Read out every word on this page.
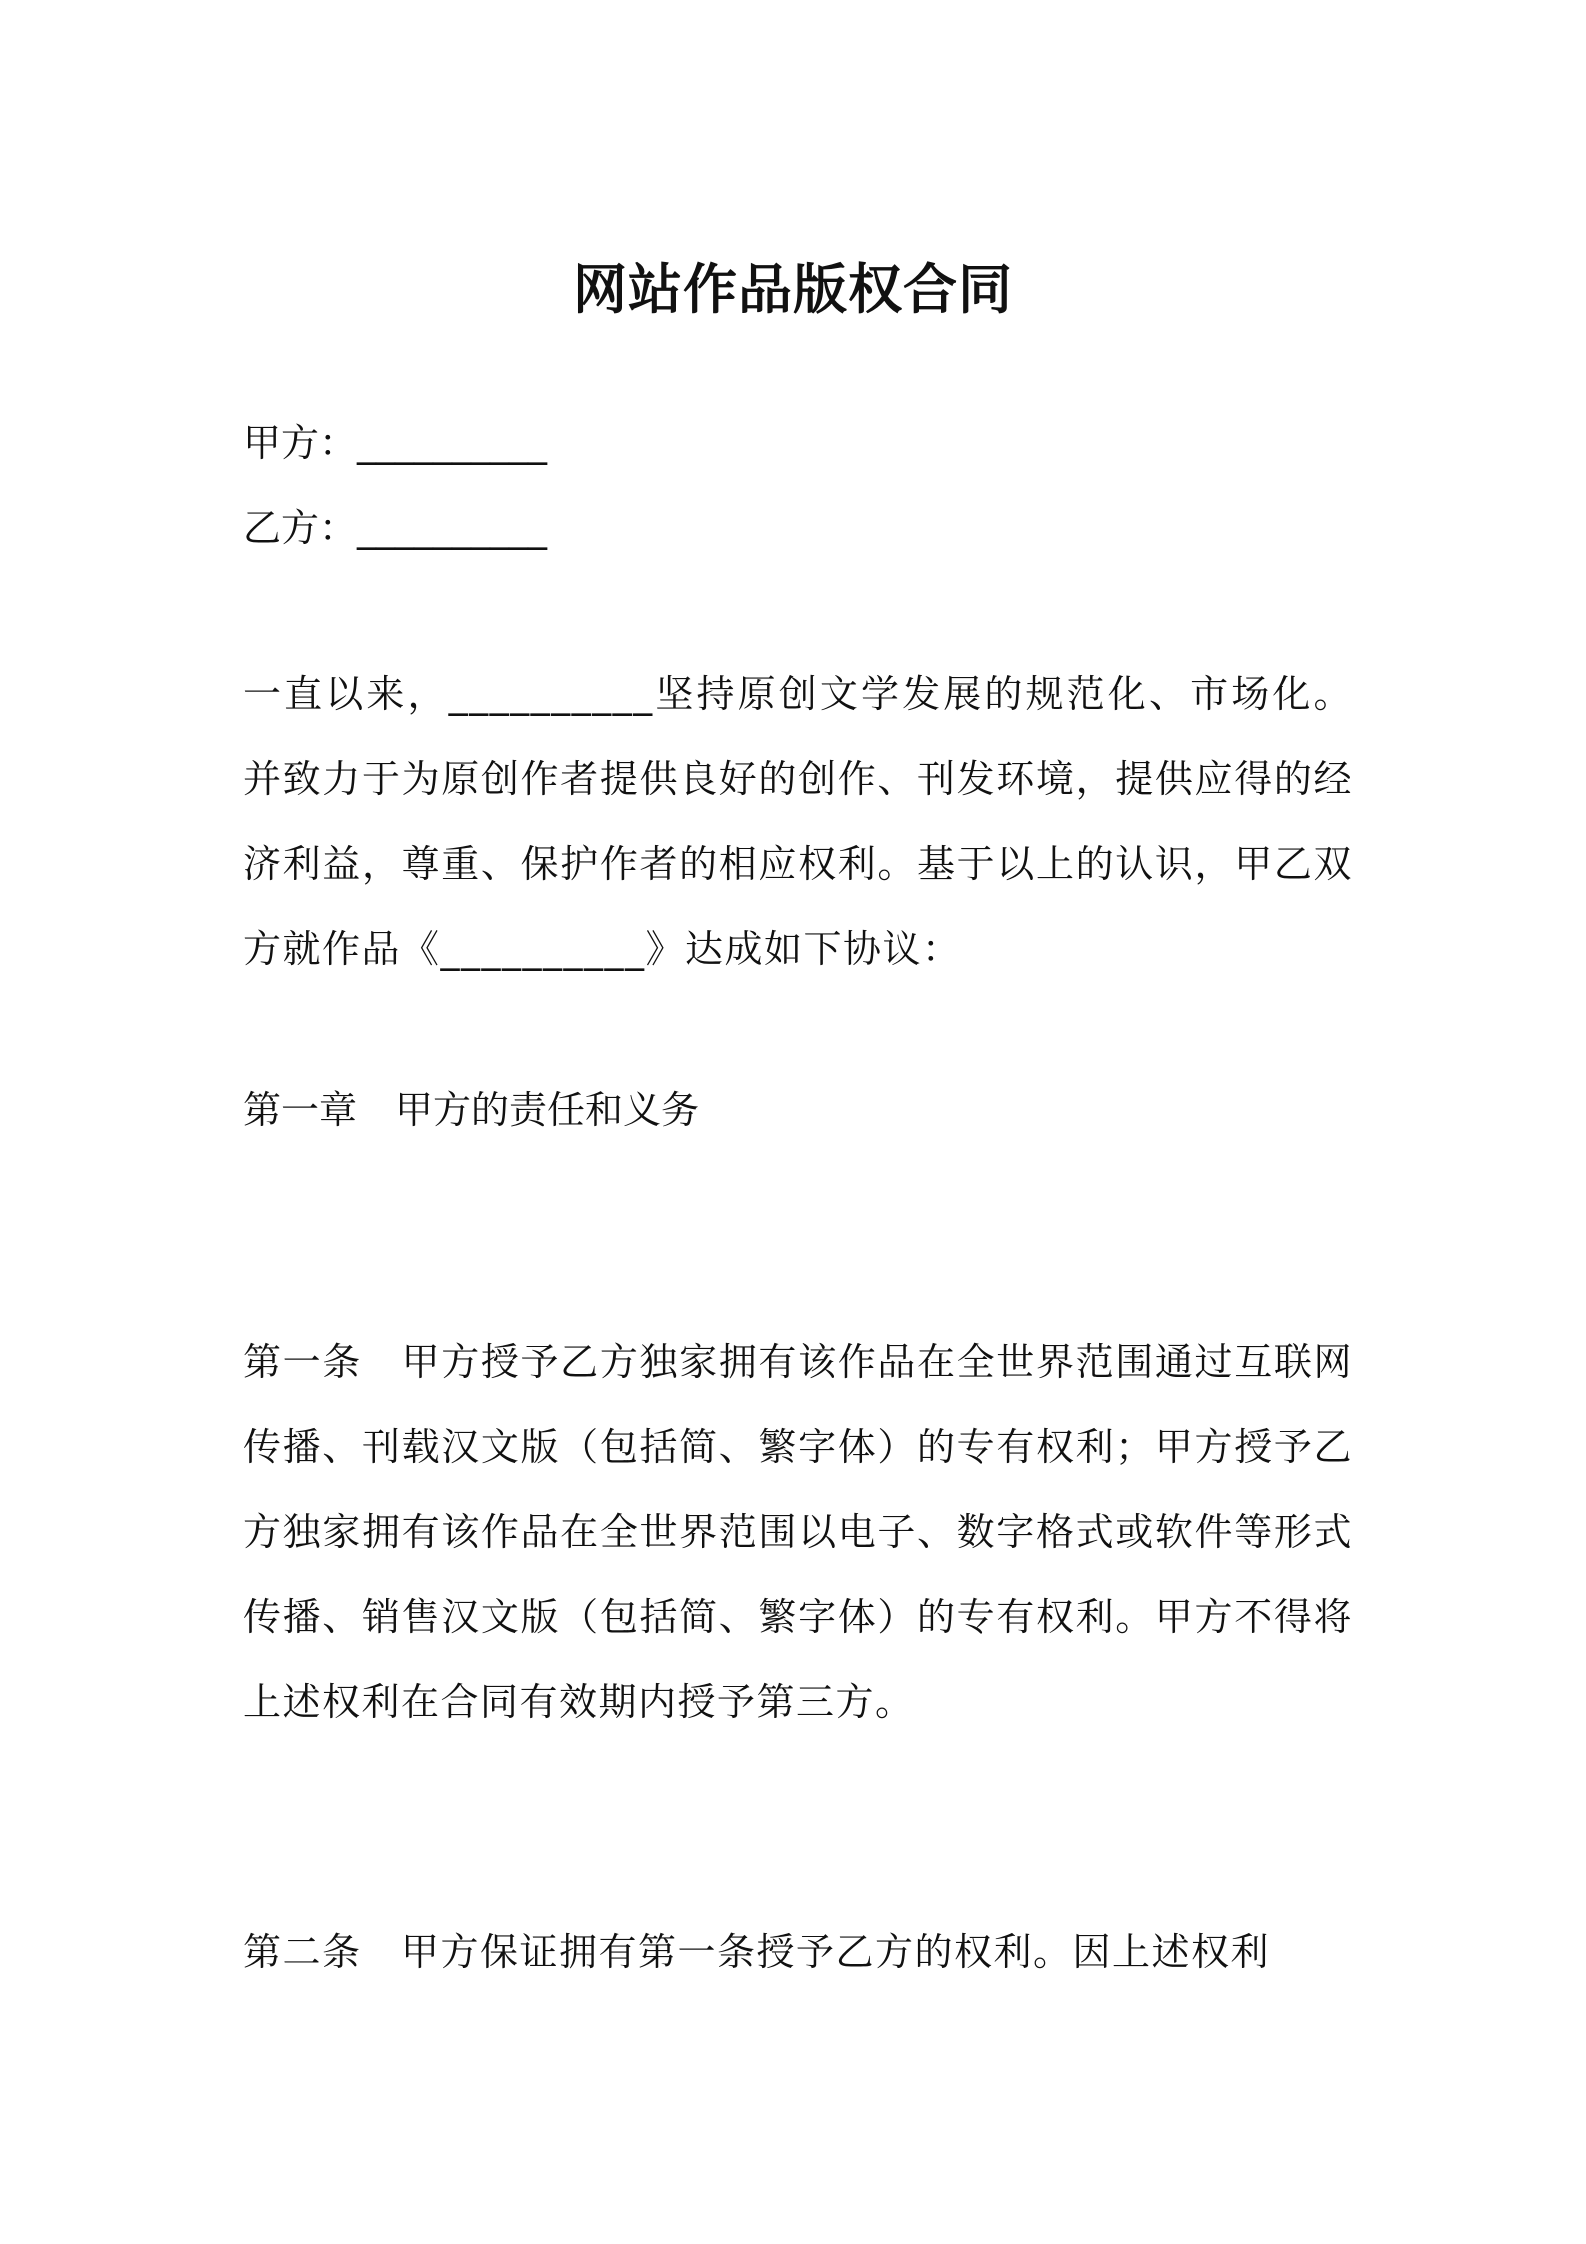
网站作品版权合同
甲方：__________
乙方：__________
一直以来，__________坚持原创文学发展的规范化、市场化。并致力于为原创作者提供良好的创作、刊发环境，提供应得的经济利益，尊重、保护作者的相应权利。基于以上的认识，甲乙双方就作品《__________》达成如下协议：
第一章　甲方的责任和义务
第一条　甲方授予乙方独家拥有该作品在全世界范围通过互联网传播、刊载汉文版（包括简、繁字体）的专有权利；甲方授予乙方独家拥有该作品在全世界范围以电子、数字格式或软件等形式传播、销售汉文版（包括简、繁字体）的专有权利。甲方不得将上述权利在合同有效期内授予第三方。
第二条　甲方保证拥有第一条授予乙方的权利。因上述权利
